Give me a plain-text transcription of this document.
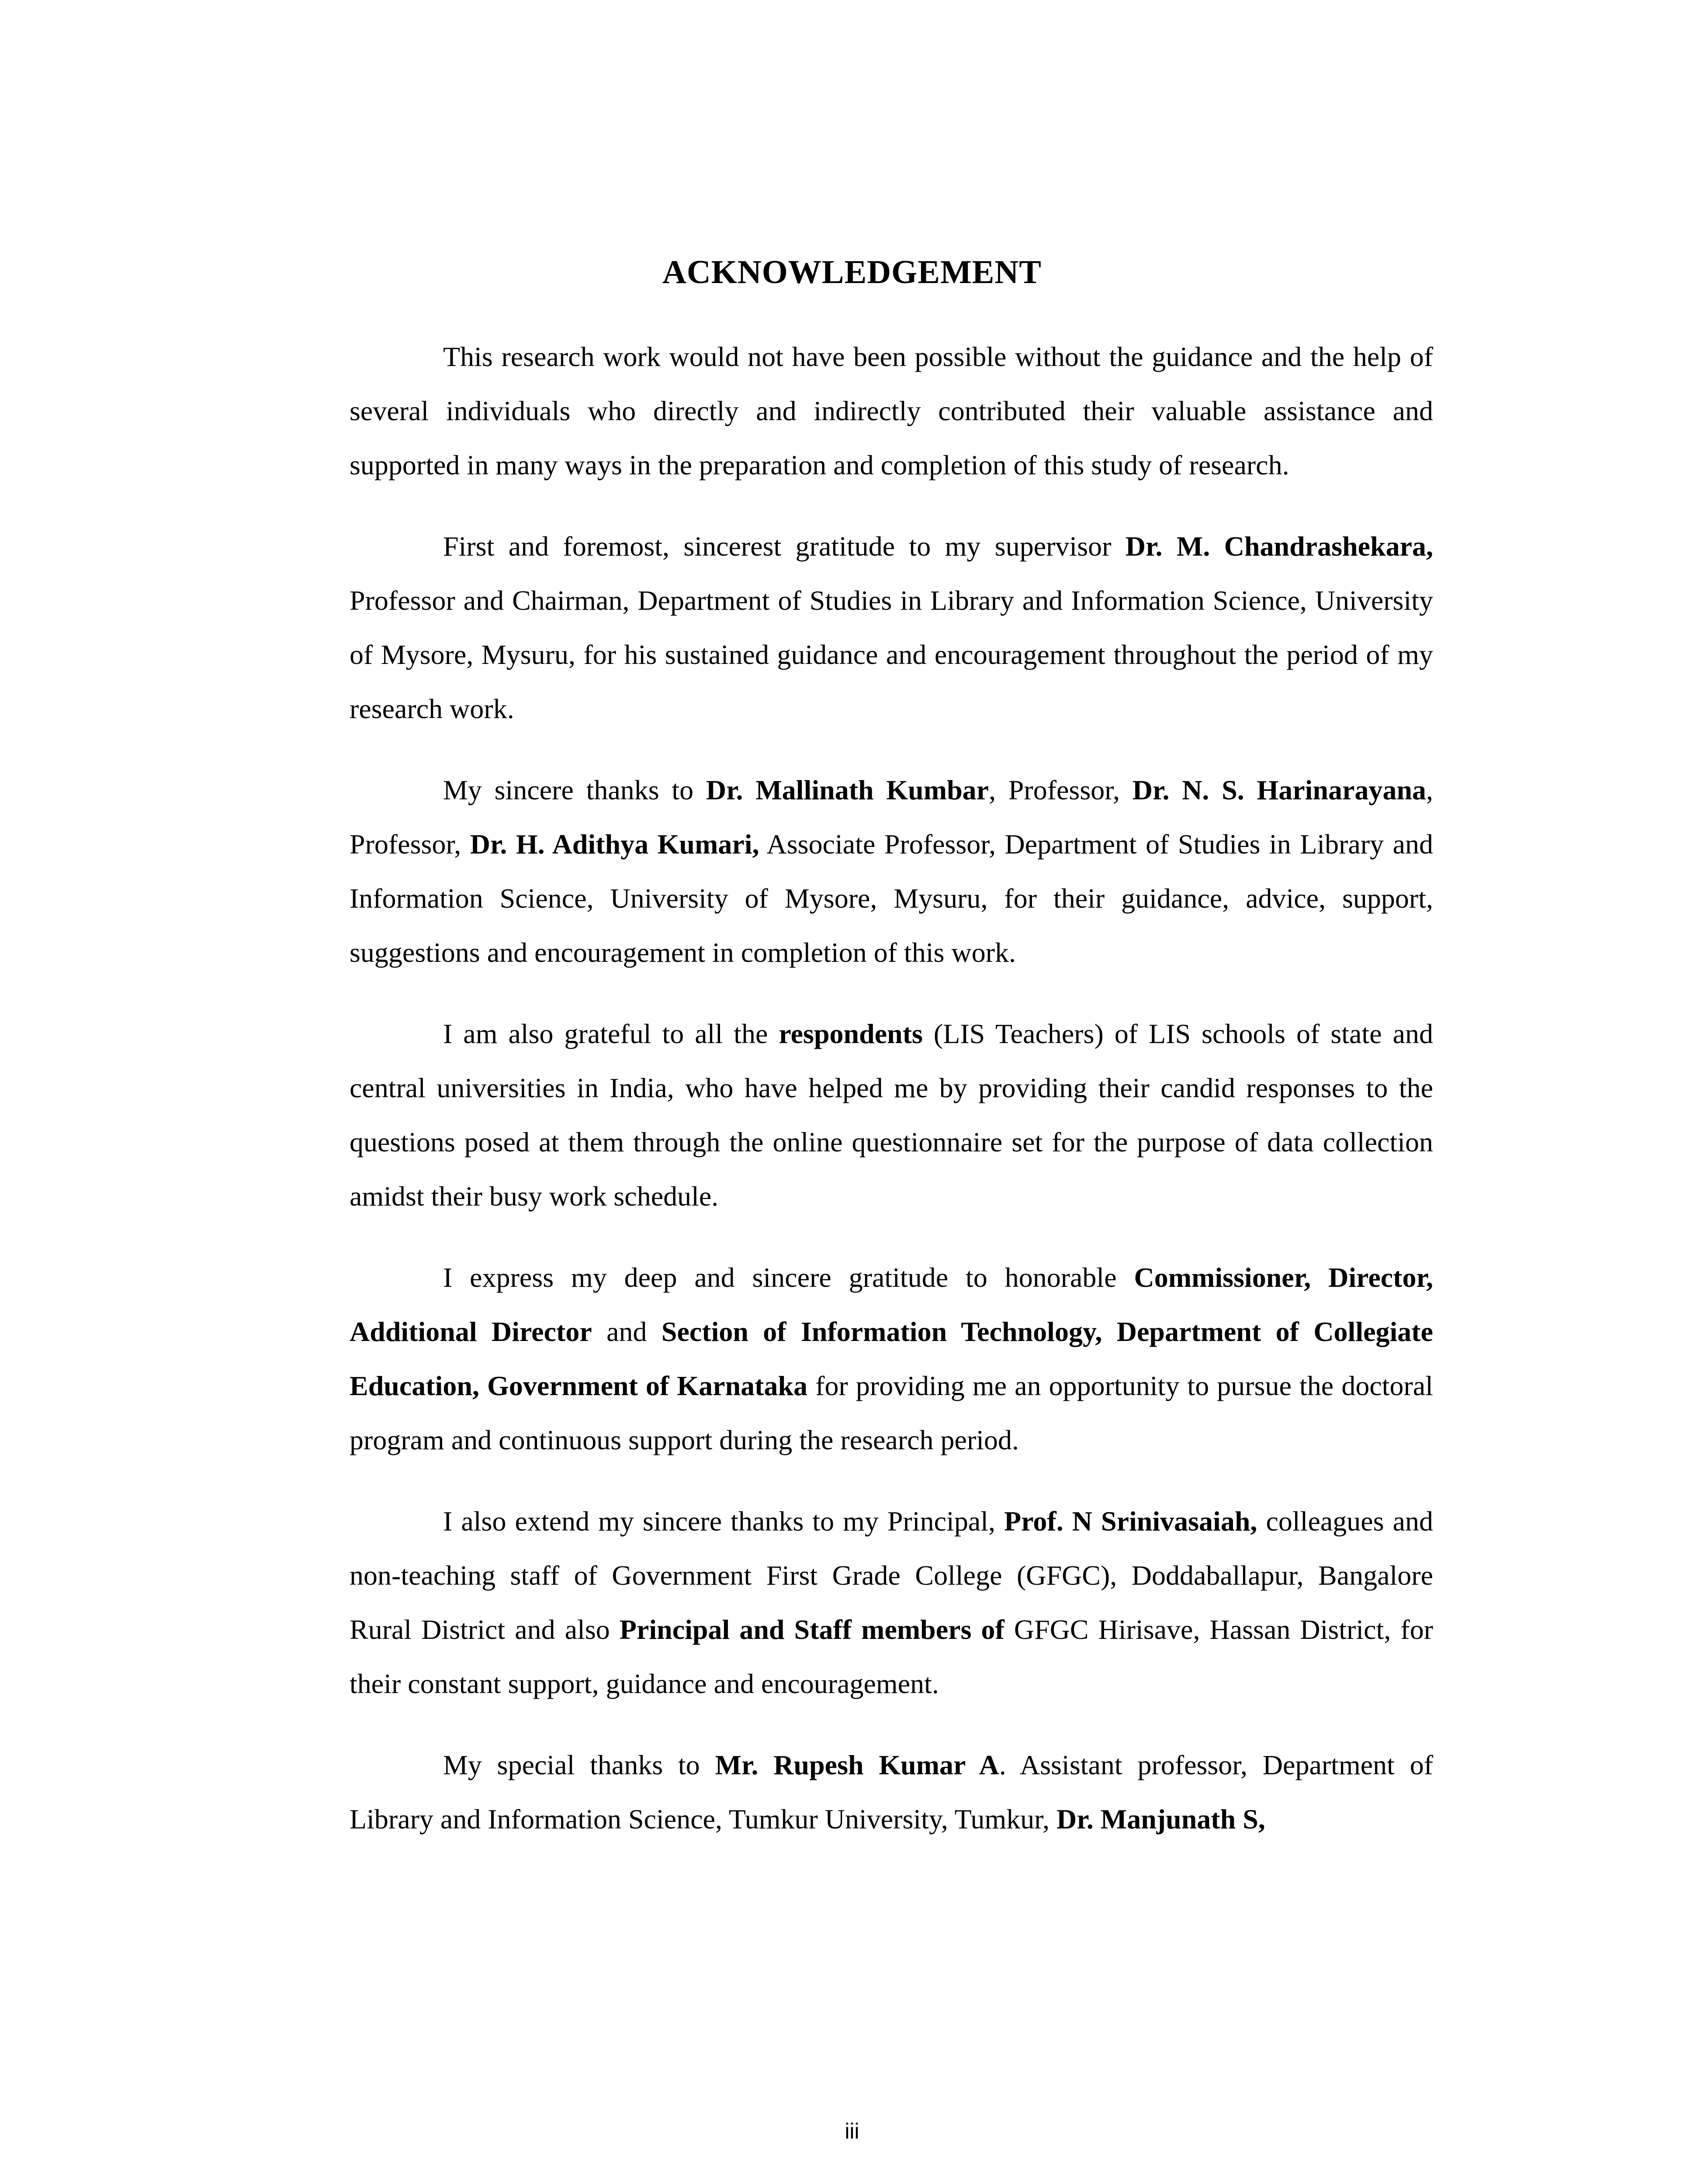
ACKNOWLEDGEMENT

This research work would not have been possible without the guidance and the help of several individuals who directly and indirectly contributed their valuable assistance and supported in many ways in the preparation and completion of this study of research.

First and foremost, sincerest gratitude to my supervisor Dr. M. Chandrashekara, Professor and Chairman, Department of Studies in Library and Information Science, University of Mysore, Mysuru, for his sustained guidance and encouragement throughout the period of my research work.

My sincere thanks to Dr. Mallinath Kumbar, Professor, Dr. N. S. Harinarayana, Professor, Dr. H. Adithya Kumari, Associate Professor, Department of Studies in Library and Information Science, University of Mysore, Mysuru, for their guidance, advice, support, suggestions and encouragement in completion of this work.

I am also grateful to all the respondents (LIS Teachers) of LIS schools of state and central universities in India, who have helped me by providing their candid responses to the questions posed at them through the online questionnaire set for the purpose of data collection amidst their busy work schedule.

I express my deep and sincere gratitude to honorable Commissioner, Director, Additional Director and Section of Information Technology, Department of Collegiate Education, Government of Karnataka for providing me an opportunity to pursue the doctoral program and continuous support during the research period.

I also extend my sincere thanks to my Principal, Prof. N Srinivasaiah, colleagues and non-teaching staff of Government First Grade College (GFGC), Doddaballapur, Bangalore Rural District and also Principal and Staff members of GFGC Hirisave, Hassan District, for their constant support, guidance and encouragement.

My special thanks to Mr. Rupesh Kumar A. Assistant professor, Department of Library and Information Science, Tumkur University, Tumkur, Dr. Manjunath S,

iii
